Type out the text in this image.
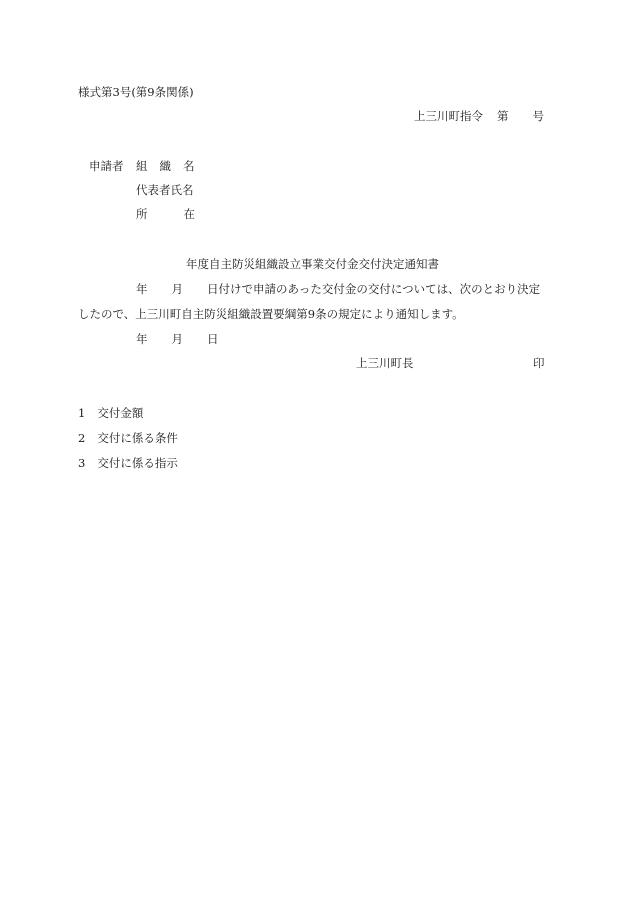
様式第3号(第9条関係)
上三川町指令 第 号
申請者 組 織 名
代表者氏名
所	在
年度自主防災組織設立事業交付金交付決定通知書
年 月 日付けで申請のあった交付金の交付については、次のとおり決定
したので、上三川町自主防災組織設置要綱第9条の規定により通知します。
年 月 日
上三川町長	印
1 交付金額
2 交付に係る条件
3 交付に係る指示
